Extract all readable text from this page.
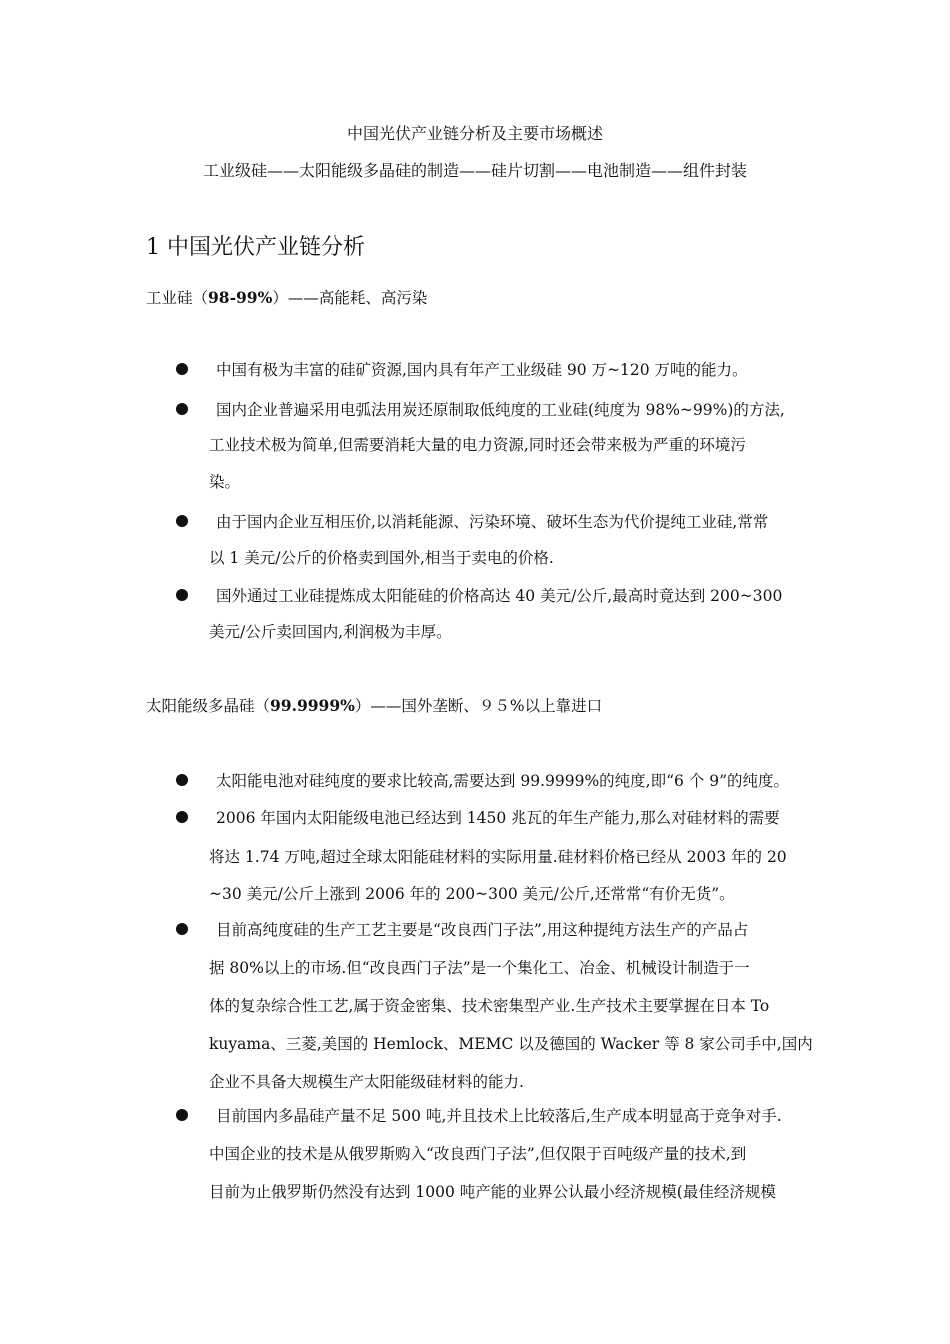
中国光伏产业链分析及主要市场概述
工业级硅——太阳能级多晶硅的制造——硅片切割——电池制造——组件封装
1 中国光伏产业链分析
工业硅（98-99%）——高能耗、高污染
中国有极为丰富的硅矿资源,国内具有年产工业级硅 90 万~120 万吨的能力。
国内企业普遍采用电弧法用炭还原制取低纯度的工业硅(纯度为 98%~99%)的方法,
工业技术极为简单,但需要消耗大量的电力资源,同时还会带来极为严重的环境污
染。
由于国内企业互相压价,以消耗能源、污染环境、破坏生态为代价提纯工业硅,常常
以 1 美元/公斤的价格卖到国外,相当于卖电的价格.
国外通过工业硅提炼成太阳能硅的价格高达 40 美元/公斤,最高时竟达到 200~300
美元/公斤卖回国内,利润极为丰厚。
太阳能级多晶硅（99.9999%）——国外垄断、９５%以上靠进口
太阳能电池对硅纯度的要求比较高,需要达到 99.9999%的纯度,即“6 个 9”的纯度。
2006 年国内太阳能级电池已经达到 1450 兆瓦的年生产能力,那么对硅材料的需要
将达 1.74 万吨,超过全球太阳能硅材料的实际用量.硅材料价格已经从 2003 年的 20
~30 美元/公斤上涨到 2006 年的 200~300 美元/公斤,还常常“有价无货”。
目前高纯度硅的生产工艺主要是“改良西门子法”,用这种提纯方法生产的产品占
据 80%以上的市场.但“改良西门子法”是一个集化工、冶金、机械设计制造于一
体的复杂综合性工艺,属于资金密集、技术密集型产业.生产技术主要掌握在日本 To
kuyama、三菱,美国的 Hemlock、MEMC 以及德国的 Wacker 等 8 家公司手中,国内
企业不具备大规模生产太阳能级硅材料的能力.
目前国内多晶硅产量不足 500 吨,并且技术上比较落后,生产成本明显高于竞争对手.
中国企业的技术是从俄罗斯购入“改良西门子法”,但仅限于百吨级产量的技术,到
目前为止俄罗斯仍然没有达到 1000 吨产能的业界公认最小经济规模(最佳经济规模
